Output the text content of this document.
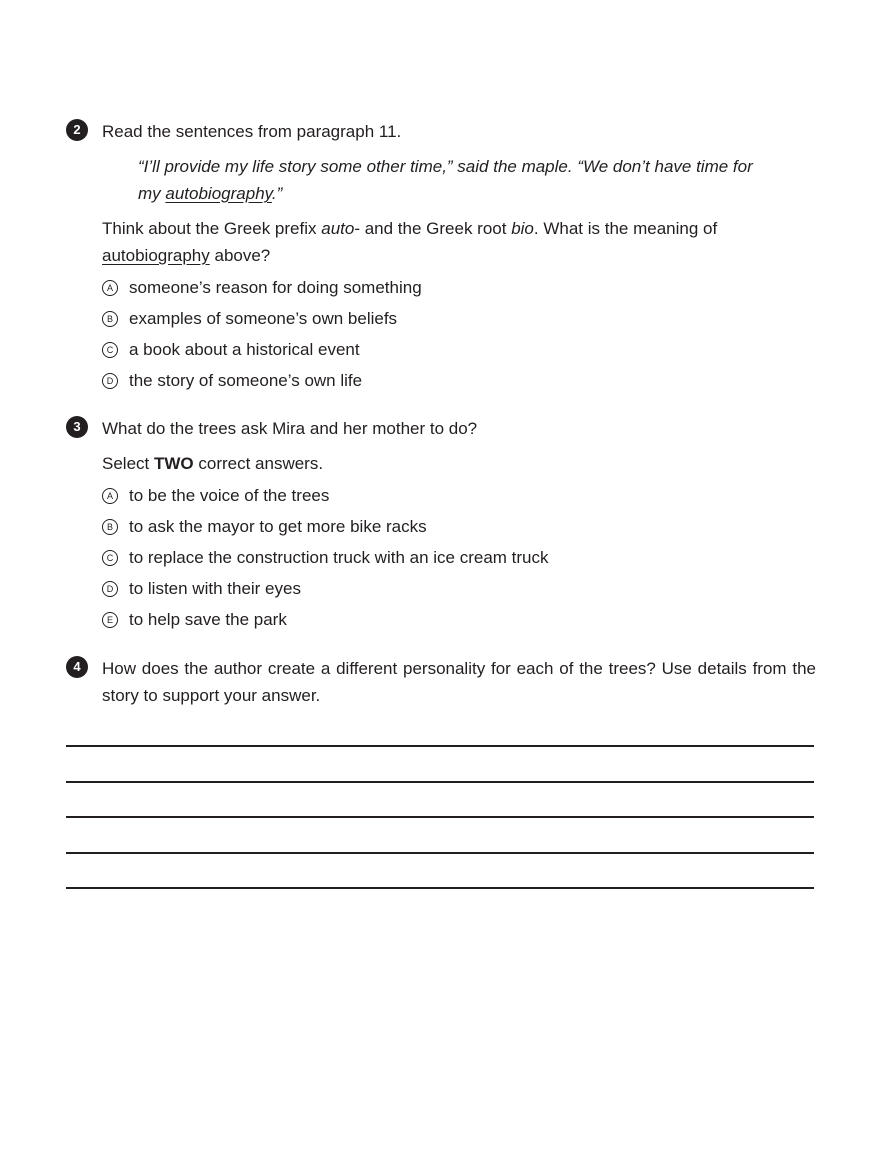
2	Read the sentences from paragraph 11.

“I’ll provide my life story some other time,” said the maple. “We don’t have time for my autobiography.”

Think about the Greek prefix auto- and the Greek root bio. What is the meaning of autobiography above?

A someone’s reason for doing something
B examples of someone’s own beliefs
C a book about a historical event
D the story of someone’s own life
3	What do the trees ask Mira and her mother to do?

Select TWO correct answers.

A to be the voice of the trees
B to ask the mayor to get more bike racks
C to replace the construction truck with an ice cream truck
D to listen with their eyes
E to help save the park
4	How does the author create a different personality for each of the trees? Use details from the story to support your answer.
